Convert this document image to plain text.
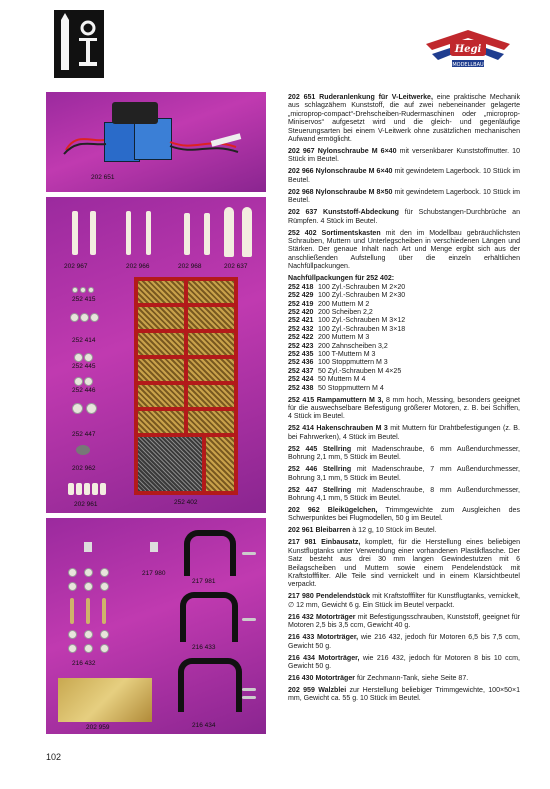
Hegi
MODELLBAU
202 651
202 967	202 966	202 968	202 637
252 415
252 414
252 445
252 446
252 447
202 962
202 961	252 402
217 980
216 432
217 981
216 433
216 434
202 959

202 651 Ruderanlenkung für V-Leitwerke, eine praktische Mechanik aus schlagzähem Kunststoff, die auf zwei nebeneinander gelagerte „microprop-compact“-Drehscheiben-Rudermaschinen oder „microprop-Miniservos“ aufgesetzt wird und die gleich- und gegenläufige Steuerungsarten bei einem V-Leitwerk ohne zusätzlichen mechanischen Aufwand ermöglicht.

202 967 Nylonschraube M 6×40 mit versenkbarer Kunststoffmutter. 10 Stück im Beutel.

202 966 Nylonschraube M 6×40 mit gewindetem Lagerbock. 10 Stück im Beutel.

202 968 Nylonschraube M 8×50 mit gewindetem Lagerbock. 10 Stück im Beutel.

202 637 Kunststoff-Abdeckung für Schubstangen-Durchbrüche an Rümpfen. 4 Stück im Beutel.

252 402 Sortimentskasten mit den im Modellbau gebräuchlichsten Schrauben, Muttern und Unterlegscheiben in verschiedenen Längen und Stärken. Der genaue Inhalt nach Art und Menge ergibt sich aus der anschließenden Aufstellung über die einzeln erhältlichen Nachfüllpackungen.

Nachfüllpackungen für 252 402:
252 418 100 Zyl.-Schrauben M 2×20
252 429 100 Zyl.-Schrauben M 2×30
252 419 200 Muttern M 2
252 420 200 Scheiben 2,2
252 421 100 Zyl.-Schrauben M 3×12
252 432 100 Zyl.-Schrauben M 3×18
252 422 200 Muttern M 3
252 423 200 Zahnscheiben 3,2
252 435 100 T-Muttern M 3
252 436 100 Stoppmuttern M 3
252 437 50 Zyl.-Schrauben M 4×25
252 424 50 Muttern M 4
252 438 50 Stoppmuttern M 4

252 415 Rampamuttern M 3, 8 mm hoch, Messing, besonders geeignet für die auswechselbare Befestigung größerer Motoren, z. B. bei Schiffen, 4 Stück im Beutel.

252 414 Hakenschrauben M 3 mit Muttern für Drahtbefestigungen (z. B. bei Fahrwerken), 4 Stück im Beutel.

252 445 Stellring mit Madenschraube, 6 mm Außendurchmesser, Bohrung 2,1 mm, 5 Stück im Beutel.

252 446 Stellring mit Madenschraube, 7 mm Außendurchmesser, Bohrung 3,1 mm, 5 Stück im Beutel.

252 447 Stellring mit Madenschraube, 8 mm Außendurchmesser, Bohrung 4,1 mm, 5 Stück im Beutel.

202 962 Bleikügelchen, Trimmgewichte zum Ausgleichen des Schwerpunktes bei Flugmodellen, 50 g im Beutel.

202 961 Bleibarren à 12 g, 10 Stück im Beutel.

217 981 Einbausatz, komplett, für die Herstellung eines beliebigen Kunstflugtanks unter Verwendung einer vorhandenen Plastikflasche. Der Satz besteht aus drei 30 mm langen Gewindestutzen mit 6 Beilagscheiben und Muttern sowie einem Pendelendstück mit Kraftstofffilter. Alle Teile sind vernickelt und in einem Klarsichtbeutel verpackt.

217 980 Pendelendstück mit Kraftstofffilter für Kunstflugtanks, vernickelt, ∅ 12 mm, Gewicht 6 g. Ein Stück im Beutel verpackt.

216 432 Motorträger mit Befestigungsschrauben, Kunststoff, geeignet für Motoren 2,5 bis 3,5 ccm, Gewicht 40 g.

216 433 Motorträger, wie 216 432, jedoch für Motoren 6,5 bis 7,5 ccm, Gewicht 50 g.

216 434 Motorträger, wie 216 432, jedoch für Motoren 8 bis 10 ccm, Gewicht 50 g.

216 430 Motorträger für Zechmann-Tank, siehe Seite 87.

202 959 Walzblei zur Herstellung beliebiger Trimmgewichte, 100×50×1 mm, Gewicht ca. 55 g. 10 Stück im Beutel.

102
